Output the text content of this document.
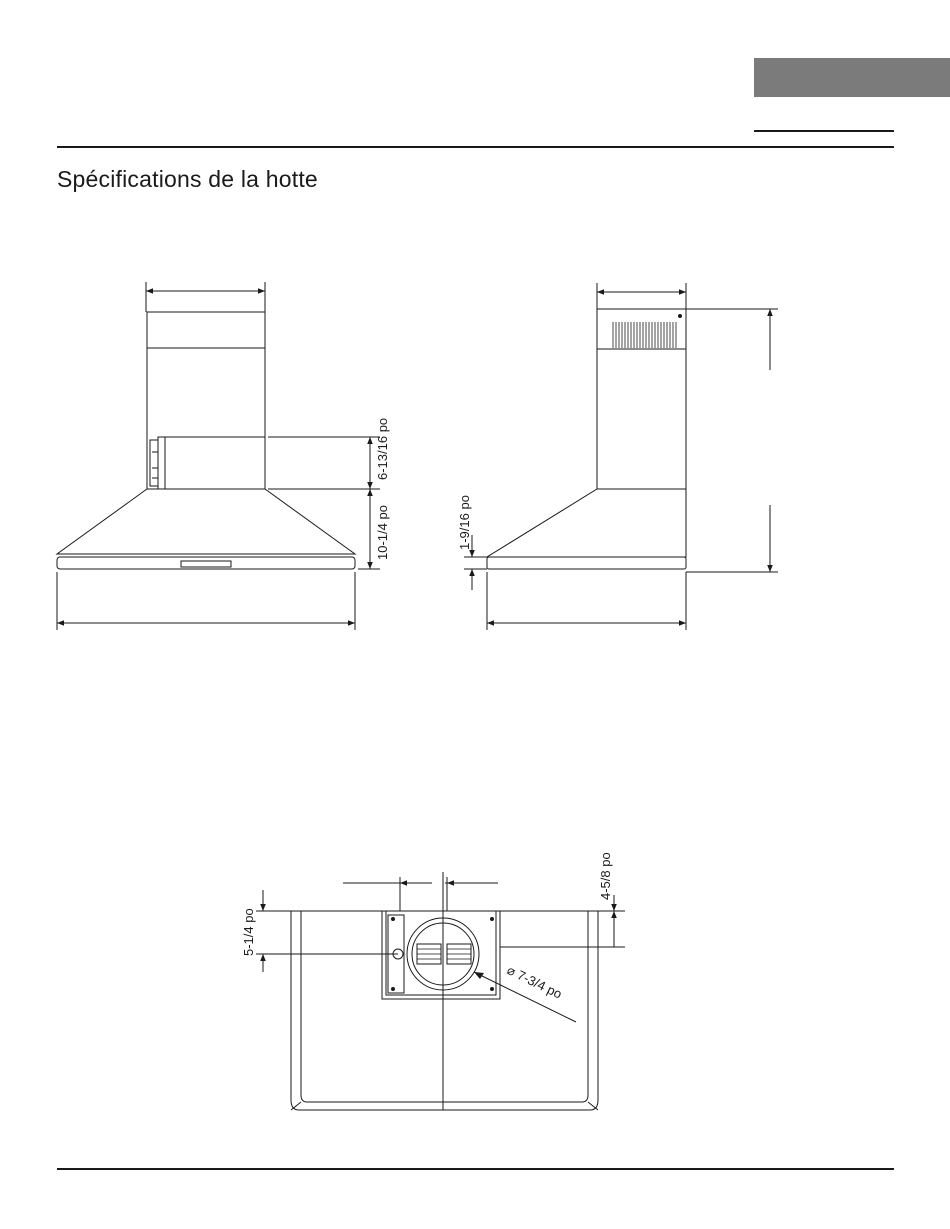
Spécifications de la hotte
6-13/16 po
10-1/4 po	1-9/16 po
4-5/8 po
5-1/4 po
⌀ 7-3/4 po
